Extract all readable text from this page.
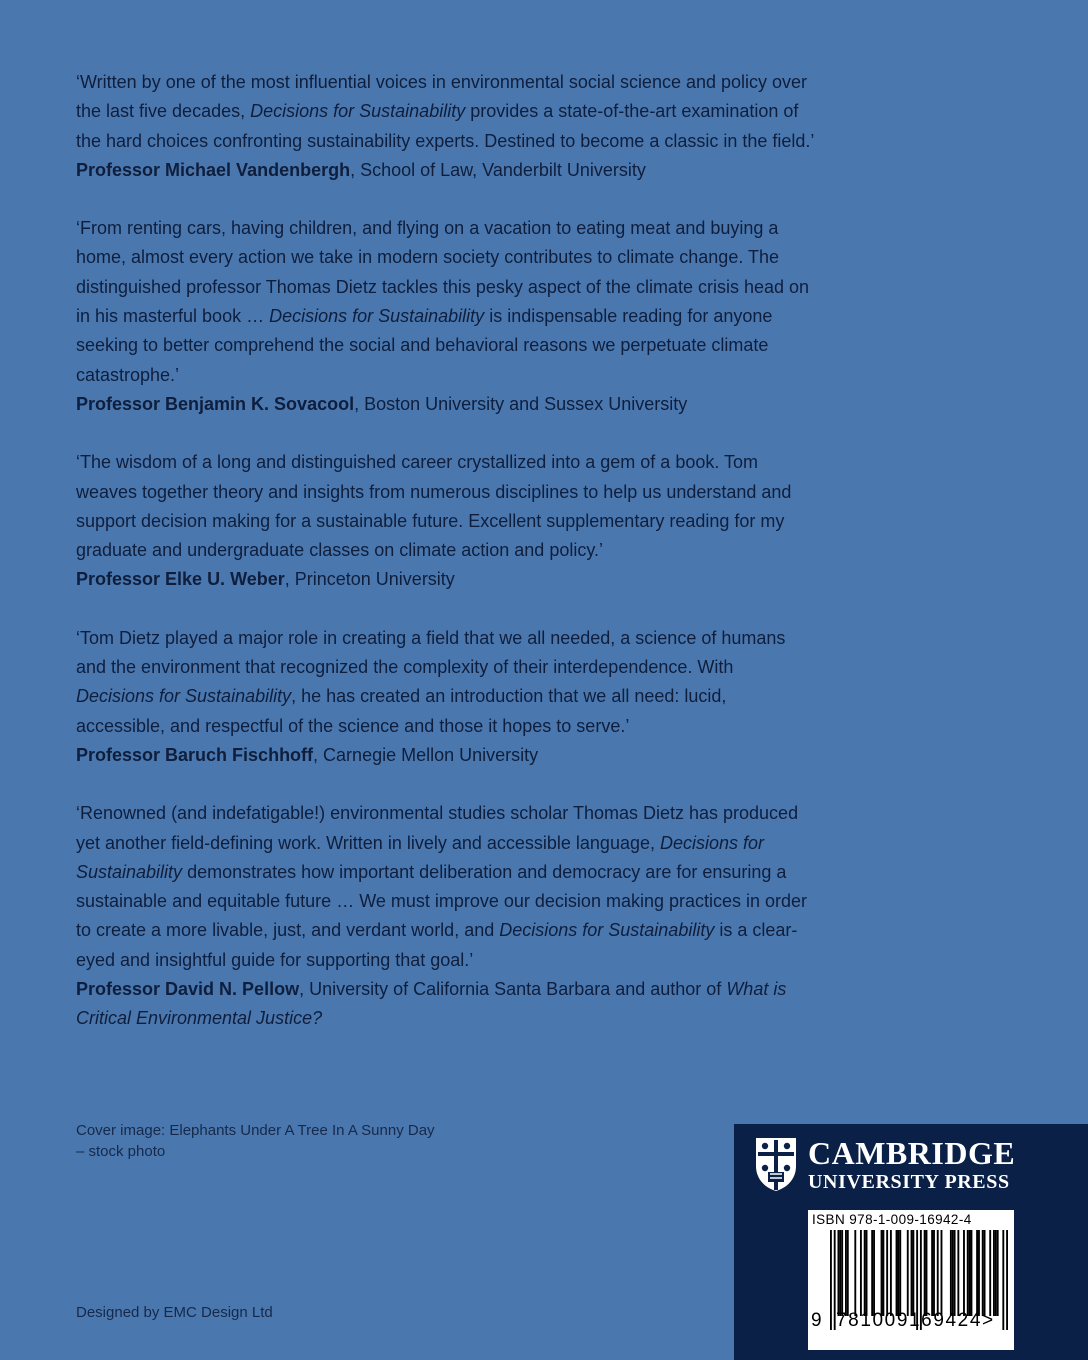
‘Written by one of the most influential voices in environmental social science and policy over the last five decades, Decisions for Sustainability provides a state-of-the-art examination of the hard choices confronting sustainability experts. Destined to become a classic in the field.’

Professor Michael Vandenbergh, School of Law, Vanderbilt University

‘From renting cars, having children, and flying on a vacation to eating meat and buying a home, almost every action we take in modern society contributes to climate change. The distinguished professor Thomas Dietz tackles this pesky aspect of the climate crisis head on in his masterful book … Decisions for Sustainability is indispensable reading for anyone seeking to better comprehend the social and behavioral reasons we perpetuate climate catastrophe.’

Professor Benjamin K. Sovacool, Boston University and Sussex University

‘The wisdom of a long and distinguished career crystallized into a gem of a book. Tom weaves together theory and insights from numerous disciplines to help us understand and support decision making for a sustainable future. Excellent supplementary reading for my graduate and undergraduate classes on climate action and policy.’

Professor Elke U. Weber, Princeton University

‘Tom Dietz played a major role in creating a field that we all needed, a science of humans and the environment that recognized the complexity of their interdependence. With Decisions for Sustainability, he has created an introduction that we all need: lucid, accessible, and respectful of the science and those it hopes to serve.’

Professor Baruch Fischhoff, Carnegie Mellon University

‘Renowned (and indefatigable!) environmental studies scholar Thomas Dietz has produced yet another field-defining work. Written in lively and accessible language, Decisions for Sustainability demonstrates how important deliberation and democracy are for ensuring a sustainable and equitable future … We must improve our decision making practices in order to create a more livable, just, and verdant world, and Decisions for Sustainability is a clear-eyed and insightful guide for supporting that goal.’

Professor David N. Pellow, University of California Santa Barbara and author of What is Critical Environmental Justice?

Cover image: Elephants Under A Tree In A Sunny Day – stock photo
Designed by EMC Design Ltd
CAMBRIDGE
UNIVERSITY PRESS
ISBN 978-1-009-16942-4
9 781009169424>
